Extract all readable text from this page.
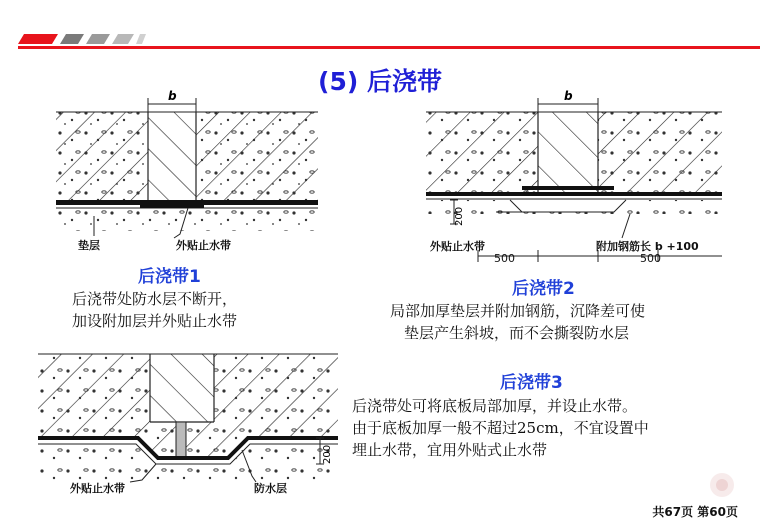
(5) 后浇带
b
垫层	外贴止水带
后浇带1
后浇带处防水层不断开，
加设附加层并外贴止水带
b
200
外贴止水带	附加钢筋长 b +100
500	500
后浇带2
局部加厚垫层并附加钢筋，沉降差可使
垫层产生斜坡，而不会撕裂防水层
200
外贴止水带	防水层
后浇带3
后浇带处可将底板局部加厚，并设止水带。
由于底板加厚一般不超过25cm，不宜设置中
埋止水带，宜用外贴式止水带
共67页 第60页
